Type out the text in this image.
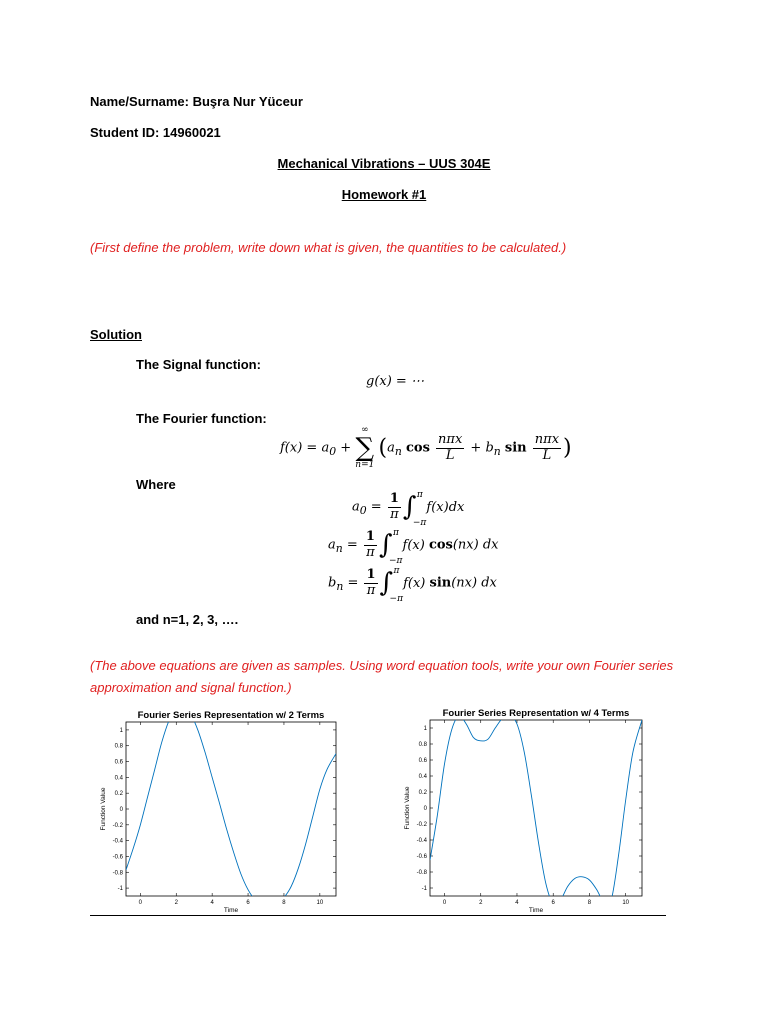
Name/Surname: Buşra Nur Yüceur
Student ID: 14960021
Mechanical Vibrations – UUS 304E
Homework #1
(First define the problem, write down what is given, the quantities to be calculated.)
Solution
The Signal function:
g(x) = ⋯
The Fourier function:
$f(x) = a_0$ +
∞
∑
n=1
($a_n$ $\cos \frac{\text{nπx}}{L} + b_n$ $\sin \frac{\text{nπx}}{L}$ )
Where
$a_0 = \frac{1}{\pi}$ ∫ π
−π
f(x)dx
$a_n = \frac{1}{\pi}$ ∫ π
−π
f(x) cos(nx) dx
$b_n = \frac{1}{\pi}$ ∫ π
−π
f(x) sin(nx) dx
and n=1, 2, 3, ….
(The above equations are given as samples. Using word equation tools, write your own Fourier series
approximation and signal function.)
Fourier Series Representation w/ 2 Terms
0	2	4	6	8	10
-1
-0.8
-0.6
-0.4
-0.2
0
0.2
0.4
0.6
0.8
1
Time
Function Value
Fourier Series Representation w/ 4 Terms
0	2	4	6	8	10
-1
-0.8
-0.6
-0.4
-0.2
0
0.2
0.4
0.6
0.8
1
Time
Function Value
